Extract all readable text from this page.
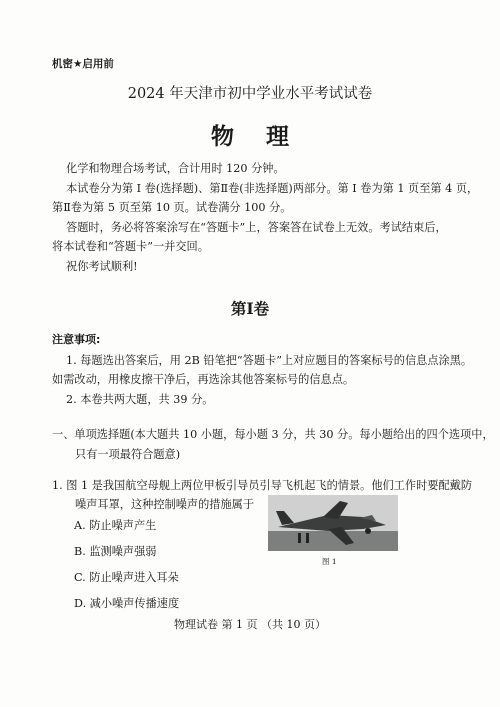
机密★启用前
2024 年天津市初中学业水平考试试卷
物 理
化学和物理合场考试，合计用时 120 分钟。
本试卷分为第 Ⅰ 卷(选择题)、第Ⅱ卷(非选择题)两部分。第 Ⅰ 卷为第 1 页至第 4 页，
第Ⅱ卷为第 5 页至第 10 页。试卷满分 100 分。
答题时，务必将答案涂写在“答题卡”上，答案答在试卷上无效。考试结束后，
将本试卷和“答题卡”一并交回。
祝你考试顺利!
第Ⅰ卷
注意事项:
1. 每题选出答案后，用 2B 铅笔把“答题卡”上对应题目的答案标号的信息点涂黑。
如需改动，用橡皮擦干净后，再选涂其他答案标号的信息点。
2. 本卷共两大题，共 39 分。
一、单项选择题(本大题共 10 小题，每小题 3 分，共 30 分。每小题给出的四个选项中，
只有一项最符合题意)
1. 图 1 是我国航空母舰上两位甲板引导员引导飞机起飞的情景。他们工作时要配戴防
噪声耳罩，这种控制噪声的措施属于
A. 防止噪声产生
B. 监测噪声强弱
C. 防止噪声进入耳朵
D. 减小噪声传播速度
图 1
物理试卷 第 1 页 （共 10 页）
